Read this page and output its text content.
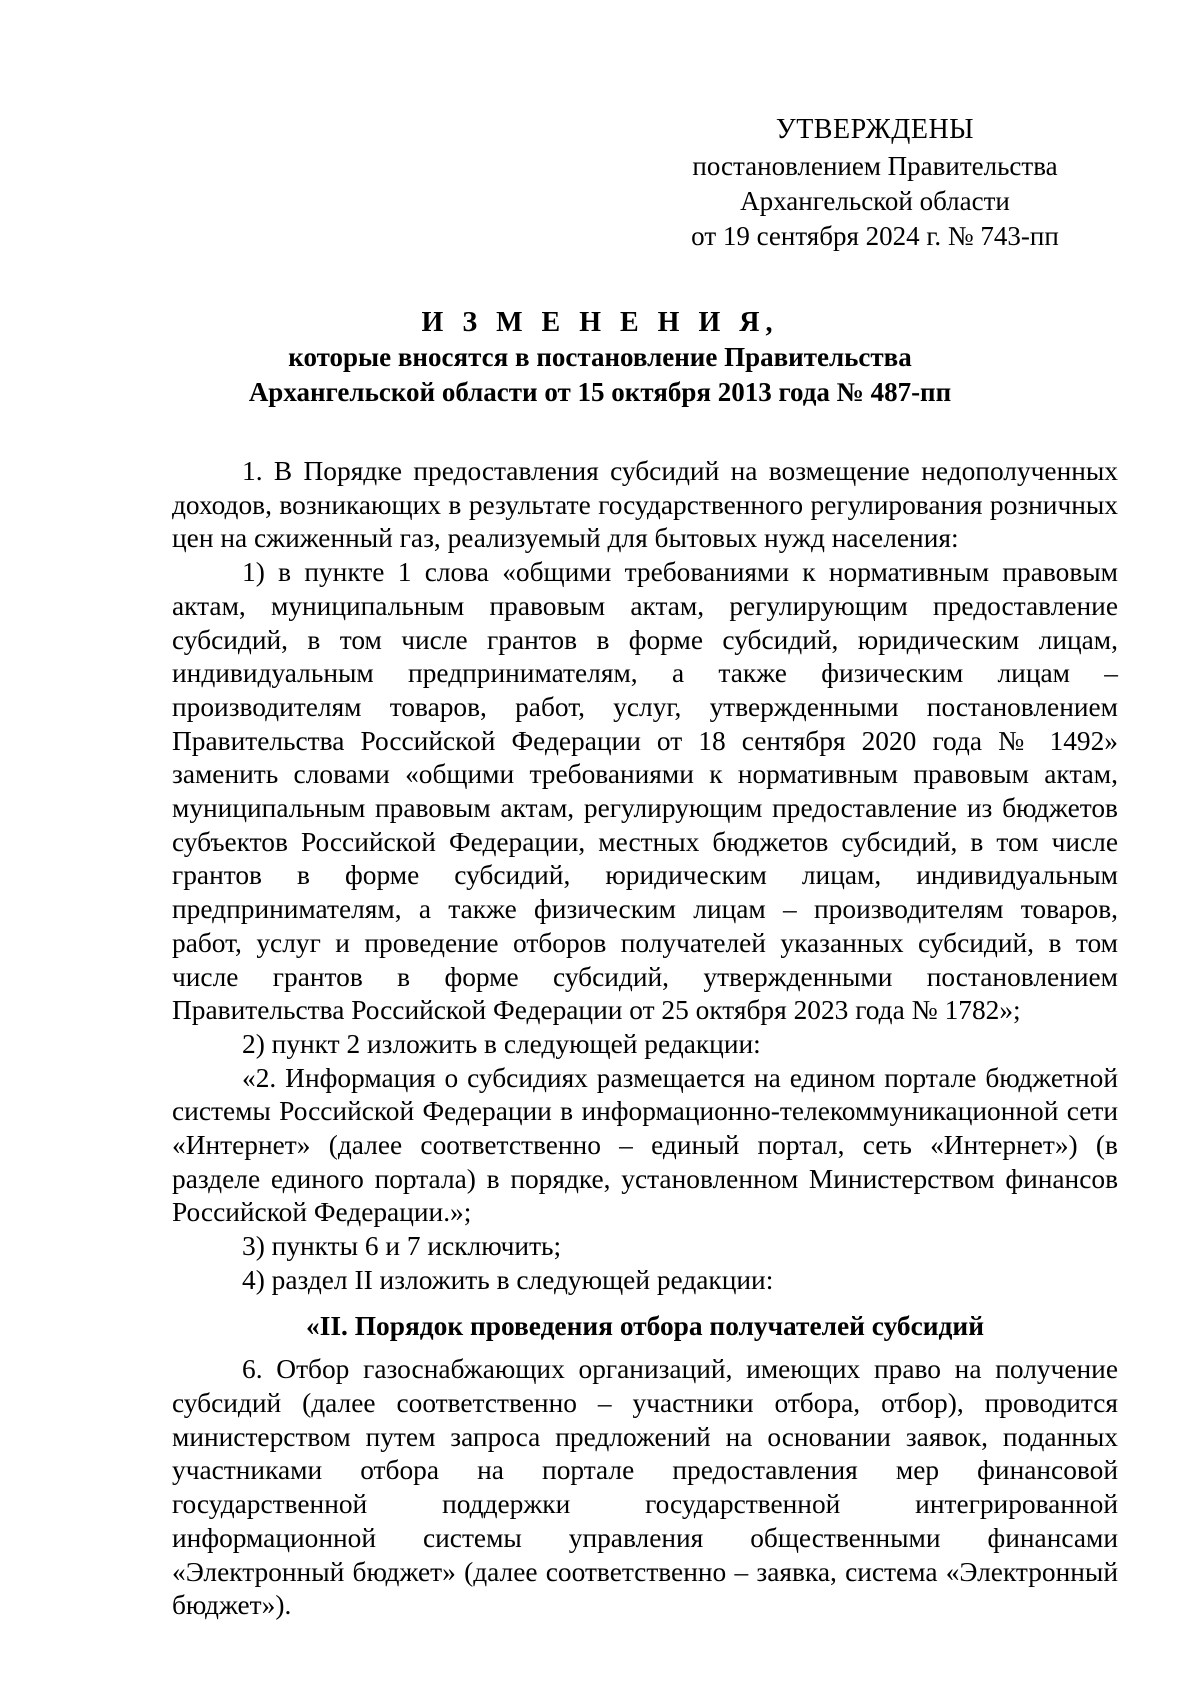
УТВЕРЖДЕНЫ
постановлением Правительства
Архангельской области
от 19 сентября 2024 г. № 743-пп
И З М Е Н Е Н И Я,
которые вносятся в постановление Правительства
Архангельской области от 15 октября 2013 года № 487-пп

1. В Порядке предоставления субсидий на возмещение недополученных доходов, возникающих в результате государственного регулирования розничных цен на сжиженный газ, реализуемый для бытовых нужд населения:

1) в пункте 1 слова «общими требованиями к нормативным правовым актам, муниципальным правовым актам, регулирующим предоставление субсидий, в том числе грантов в форме субсидий, юридическим лицам, индивидуальным предпринимателям, а также физическим лицам – производителям товаров, работ, услуг, утвержденными постановлением Правительства Российской Федерации от 18 сентября 2020 года № 1492» заменить словами «общими требованиями к нормативным правовым актам, муниципальным правовым актам, регулирующим предоставление из бюджетов субъектов Российской Федерации, местных бюджетов субсидий, в том числе грантов в форме субсидий, юридическим лицам, индивидуальным предпринимателям, а также физическим лицам – производителям товаров, работ, услуг и проведение отборов получателей указанных субсидий, в том числе грантов в форме субсидий, утвержденными постановлением Правительства Российской Федерации от 25 октября 2023 года № 1782»;

2) пункт 2 изложить в следующей редакции:

«2. Информация о субсидиях размещается на едином портале бюджетной системы Российской Федерации в информационно-телекоммуникационной сети «Интернет» (далее соответственно – единый портал, сеть «Интернет») (в разделе единого портала) в порядке, установленном Министерством финансов Российской Федерации.»;

3) пункты 6 и 7 исключить;

4) раздел II изложить в следующей редакции:

«II. Порядок проведения отбора получателей субсидий

6. Отбор газоснабжающих организаций, имеющих право на получение субсидий (далее соответственно – участники отбора, отбор), проводится министерством путем запроса предложений на основании заявок, поданных участниками отбора на портале предоставления мер финансовой государственной поддержки государственной интегрированной информационной системы управления общественными финансами «Электронный бюджет» (далее соответственно – заявка, система «Электронный бюджет»).
